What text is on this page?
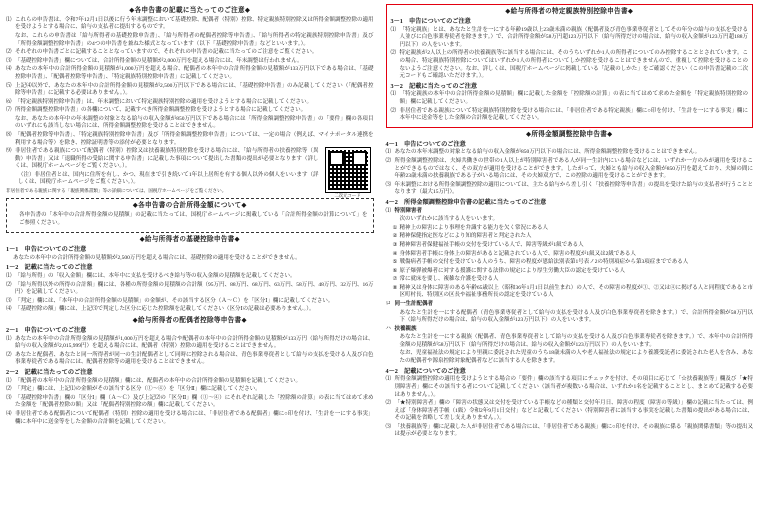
◆各申告書の記載に当たってのご注意◆
⑴ これらの申告書は、令和7年12月1日以後に行う年末調整において基礎控除、配偶者（特別）控除、特定親族特別控除又は所得金額調整控除の適用を受けようとする場合に、給与の支払者に提出するものです。
なお、これらの申告書は「給与所得者の基礎控除申告書」、「給与所得者の配偶者控除等申告書」、「給与所得者の特定親族特別控除申告書」及び「所得金額調整控除申告書」の4つの申告書を兼ねた様式となっています（以下「基礎控除申告書」などといいます。）。
⑵ それぞれの申告書ごとに記載することとなっていますので、それぞれの申告書の記載に当たってのご注意をご覧ください。
⑶ 「基礎控除申告書」欄については、合計所得金額の見積額が2,000万円を超える場合には、年末調整は行われません。
⑷ あなたの本年中の合計所得金額の見積額が1,000万円を超える場合、配偶者の本年中の合計所得金額の見積額が133万円以下である場合は、「基礎控除申告書」、「配偶者控除等申告書」、「特定親族特別控除申告書」に記載してください。
⑸ 上記⑷以外で、あなたの本年中の合計所得金額の見積額が2,500万円以下である場合には、「基礎控除申告書」のみ記載してください（「配偶者控除等申告書」に記載する必要はありません。）。
⑹ 「特定親族特別控除申告書」は、年末調整において特定親族特別控除の適用を受けようとする場合に記載してください。
⑺ 所得金額調整控除申告書」の各欄について、記載すべき所得金額調整控除を受けようとする場合に記載してください。
なお、あなたの本年中の年末調整の対象となる給与の収入金額が850万円以下である場合には「所得金額調整控除申告書」の「要件」欄の各項目のいずれにも該当しない場合には、所得金額調整控除を受けることはできません。
⑻ 「配偶者控除等申告書」、「特定親族特別控除申告書」及び「所得金額調整控除申告書」については、一定の場合（例えば、マイナポータル連携を利用する場合等）を除き、控除証明書等の添付が必要となります。
二次元コード
⑼ 非居住者である親族について配偶者（特別）控除又は扶養親族特別控除を受ける場合には、「給与所得者の扶養控除等（異動）申告書」又は「退職所得の受給に関する申告書」に記載した事項について提出した書類の提出が必要となります（詳しくは、国税庁ホームページをご覧ください。）。
（注）非居住者とは、国内に住所を有し、かつ、現在まで引き続いて1年以上居所を有する個人以外の個人をいいます（詳しくは、国税庁ホームページをご覧ください。）。
非居住者である親族に関する「親族関係書類」等の詳細については、国税庁ホームページをご覧ください。
◆各申告書の合計所得金額について◆
各申告書の「本年中の合計所得金額の見積額」の記載に当たっては、国税庁ホームページに掲載している「合計所得金額の計算について」をご参照ください。
◆給与所得者の基礎控除申告書◆
1－1　申告についてのご注意
あなたの本年中の合計所得金額の見積額が2,500万円を超える場合には、基礎控除の適用を受けることができません。
1－2　記載に当たってのご注意
⑴ 「給与所得」の「収入金額」欄には、本年中に支払を受けるべき給与等の収入金額の見積額を記載してください。
⑵ 「給与所得以外の所得の合計額」欄には、各種の所得金額の見積額の合計額（95万円、88万円、68万円、63万円、58万円、48万円、32万円、16万円）を記載してください。
⑶ 「判定」欄には、「本年中の合計所得金額の見積額」の金額が、その該当する区分（Ａ～Ｃ）を「区分Ⅰ」欄に記載してください。
⑷ 「基礎控除の額」欄には、上記⑶で判定した区分に応じた控除額を記載してください（区分Ⅰの記載は必要ありません。）。
◆給与所得者の配偶者控除等申告書◆
2－1　申告についてのご注意
⑴ あなたの本年中の合計所得金額の見積額が1,000万円を超える場合や配偶者の本年中の合計所得金額の見積額が133万円（給与所得だけの場合は、給与の収入金額が2,015,999円）を超える場合には、配偶者（特別）控除の適用を受けることはできません。
⑵ あなたと配偶者、あなたと同一所得者が同一の生計配偶者として同時に控除される場合は、青色事業専従者として給与の支払を受ける人及び白色事業専従者である場合には、配偶者控除等の適用を受けることはできません。
2－2　記載に当たってのご注意
⑴ 「配偶者の本年中の合計所得金額の見積額」欄には、配偶者の本年中の合計所得金額の見積額を記載してください。
⑵ 「判定」欄には、上記⑴の金額がその該当する区分（①～④）を「区分Ⅱ」欄に記載してください。
⑶ 「基礎控除申告書」欄の「区分Ⅰ」欄（Ａ～Ｃ）及び上記⑵の「区分Ⅱ」欄（①～④）にそれぞれ記載した「控除額の計算」の表に当てはめて求めた金額を「配偶者控除の額」又は「配偶者特別控除の額」欄に記載してください。
⑷ 非居住者である配偶者について配偶者（特別）控除の適用を受ける場合には、「非居住者である配偶者」欄に○印を付け、「生計を一にする事実」欄に本年中に送金等をした金額の合計額を記載してください。
◆給与所得者の特定親族特別控除申告書◆
3－1　申告についてのご注意
⑴ 「特定親族」とは、あなたと生計を一にする年齢19歳以上23歳未満の親族（配偶者及び青色事業専従者としてその年分の給与の支払を受ける人並びに白色事業専従者を除きます。）で、合計所得金額が58万円超123万円以下（給与所得だけの場合は、給与の収入金額が123万円超188万円以下）の人をいいます。
⑵ 特定親族が2人以上の所得者の扶養親族等に該当する場合には、そのうちいずれか1人の所得者についてのみ控除することとされています。この場合、特定親族特別控除についてはいずれか1人の所得者についてしか控除を受けることはできませんので、重複して控除を受けることのないようご注意ください。なお、詳しくは、国税庁ホームページに掲載している「記載のしかた」をご確認ください（この申告書記載の二次元コードもご確認いただけます。）。
3－2　記載に当たってのご注意
⑴ 「特定親族の本年中の合計所得金額の見積額」欄に記載した金額を「控除額の計算」の表に当てはめて求めた金額を「特定親族特別控除の額」欄に記載してください。
⑵ 非居住者である親族について特定親族特別控除を受ける場合には、「非居住者である特定親族」欄に○印を付け、「生計を一にする事実」欄に本年中に送金等をした金額の合計額を記載してください。
◆所得金額調整控除申告書◆
4－1　申告についてのご注意
⑴ あなたの本年末調整の対象となる給与の収入金額が850万円以下の場合には、所得金額調整控除を受けることはできません。
⑵ 所得金額調整控除は、夫婦共働きの世帯の1人以上が特別障害者である人が同一生計内にいる場合などには、いずれか一方のみが適用を受けることができるものではなく、その双方が適用を受けることができます。したがって、夫婦とも給与の収入金額が850万円を超えており、夫婦の間に年齢23歳未満の扶養親族である子がいる場合には、その夫婦双方で、この控除の適用を受けることができます。
⑶ 年末調整における所得金額調整控除の適用については、主たる給与から差し引く「扶養控除等申告書」の提出を受けた給与の支払者が行うこととなります（最大15万円）。
4－2　所得金額調整控除申告書の記載に当たってのご注意
⑴ 特別障害者
次のいずれかに該当する人をいいます。
① 精神上の障害により事理を弁識する能力を欠く常況にある人
② 精神保健指定医などにより知的障害者と判定された人
③ 精神障害者保健福祉手帳の交付を受けている人で、障害等級が1級である人
④ 身体障害者手帳に身体上の障害があると記載されている人で、障害の程度が1級又は2級である人
⑤ 戦傷病者手帳の交付を受けている人のうち、障害の程度が恩給法別表第1号表ノ2の特別項症から第3項症までである人
⑥ 原子爆弾被爆者に対する援護に関する法律の規定により厚生労働大臣の認定を受けている人
⑦ 常に就床を要し、複雑な介護を受ける人
⑧ 精神又は身体に障害のある年齢65歳以上（昭和36年1月1日以前生まれ）の人で、その障害の程度が①、②又は④に掲げる人と同程度であると市区町村長、特別区の区長や福祉事務所長の認定を受けている人
ロ 同一生計配偶者
あなたと生計を一にする配偶者（青色事業専従者として給与の支払を受ける人及び白色事業専従者を除きます。）で、合計所得金額が58万円以下（給与所得だけの場合は、給与の収入金額が123万円以下）の人をいいます。
ハ 扶養親族
あなたと生計を一にする親族（配偶者、青色事業専従者として給与の支払を受ける人及び白色事業専従者を除きます。）で、本年中の合計所得金額の見積額が58万円以下（給与所得だけの場合は、給与の収入金額が123万円以下）の人をいいます。
なお、児童福祉法の規定により里親に委託された児童のうち18歳未満の人や老人福祉法の規定により養護受託者に委託された老人を含み、あなたの配偶者や源泉控除対象配偶者などに該当する人を除きます。
4－2　記載についてのご注意
⑴ 所得金額調整控除の適用を受けようとする場合の「要件」欄の該当する項目にチェックを付け、その項目に応じて「☆扶養親族等」欄及び「★特別障害者」欄にその該当する者について記載してください（該当者が複数いる場合は、いずれか1名を記載することとし、まとめて記載する必要はありません。）。
⑵ 「★特別障害者」欄の「障害の状態又は交付を受けている手帳などの種類と交付年月日、障害の程度（障害の等級）」欄の記載に当たっては、例えば「身体障害者手帳（1級）令和2年9月1日交付」などと記載してください（特別障害者に該当する事実を記載した書類の提出がある場合には、その記載を省略して差し支えありません。）。
⑶ 「扶養親族等」欄に記載した人が非居住者である場合には、「非居住者である親族」欄に○印を付け、その親族に係る「親族関係書類」等の提出又は提示が必要となります。
